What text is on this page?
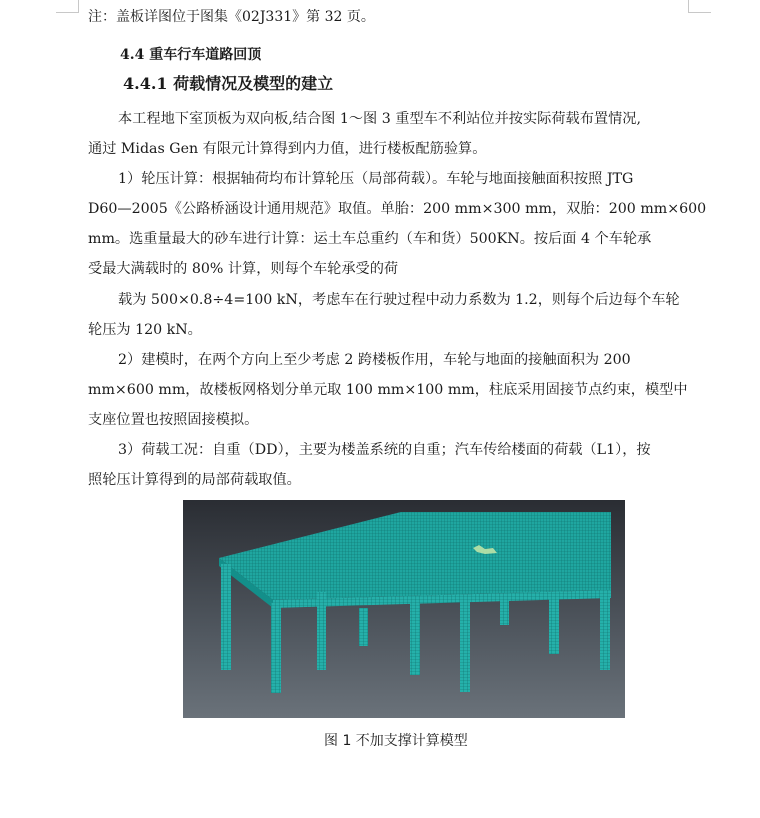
注：盖板详图位于图集《02J331》第 32 页。
4.4 重车行车道路回顶
4.4.1 荷载情况及模型的建立
本工程地下室顶板为双向板,结合图 1～图 3 重型车不利站位并按实际荷载布置情况,
通过 Midas Gen 有限元计算得到内力值，进行楼板配筋验算。
1）轮压计算：根据轴荷均布计算轮压（局部荷载）。车轮与地面接触面积按照 JTG
D60—2005《公路桥涵设计通用规范》取值。单胎：200 mm×300 mm，双胎：200 mm×600
mm。选重量最大的砂车进行计算：运土车总重约（车和货）500KN。按后面 4 个车轮承
受最大满载时的 80% 计算，则每个车轮承受的荷
载为 500×0.8÷4=100 kN，考虑车在行驶过程中动力系数为 1.2，则每个后边每个车轮
轮压为 120 kN。
2）建模时，在两个方向上至少考虑 2 跨楼板作用，车轮与地面的接触面积为 200
mm×600 mm，故楼板网格划分单元取 100 mm×100 mm，柱底采用固接节点约束，模型中
支座位置也按照固接模拟。
3）荷载工况：自重（DD），主要为楼盖系统的自重；汽车传给楼面的荷载（L1），按
照轮压计算得到的局部荷载取值。
图 1 不加支撑计算模型
